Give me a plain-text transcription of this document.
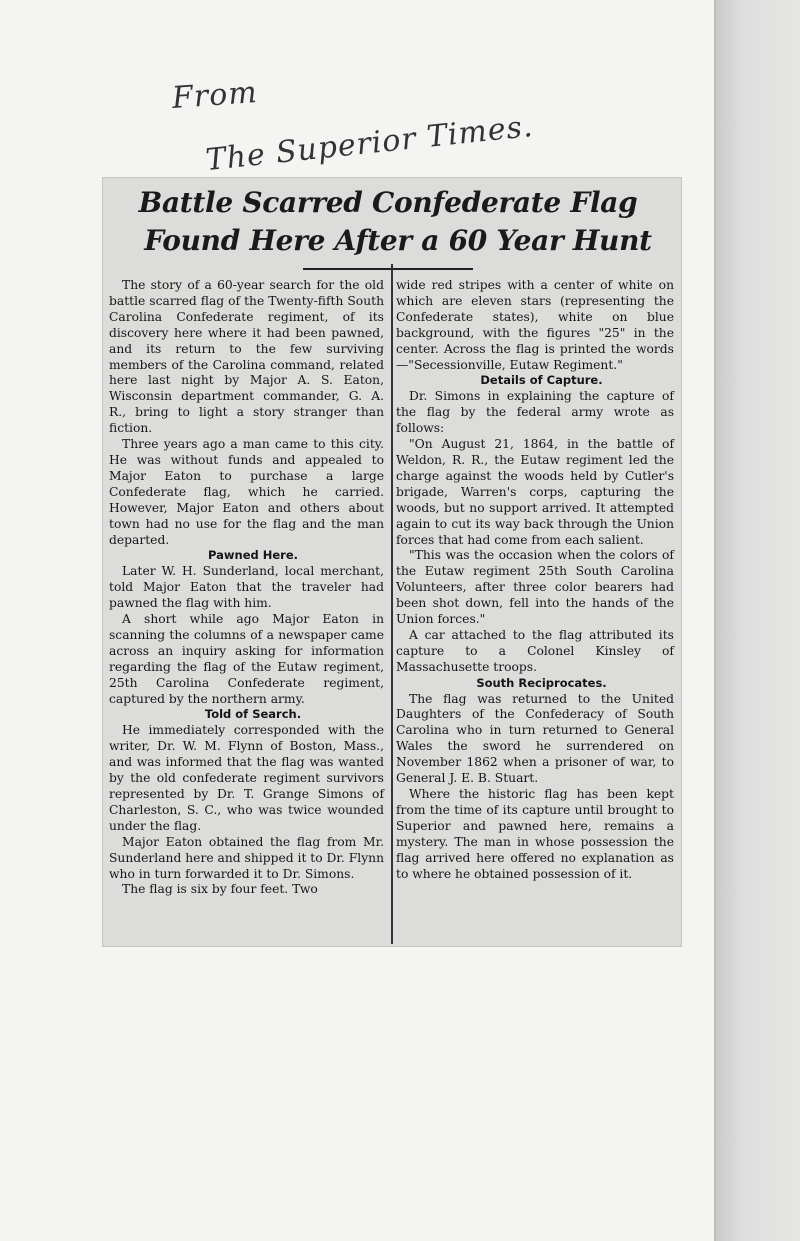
From
The Superior Times.
Battle Scarred Confederate Flag
Found Here After a 60 Year Hunt

The story of a 60-year search for the old battle scarred flag of the Twenty-fifth South Carolina Confederate regiment, of its discovery here where it had been pawned, and its return to the few surviving members of the Carolina command, related here last night by Major A. S. Eaton, Wisconsin department commander, G. A. R., bring to light a story stranger than fiction.

Three years ago a man came to this city. He was without funds and appealed to Major Eaton to purchase a large Confederate flag, which he carried. However, Major Eaton and others about town had no use for the flag and the man departed.

Pawned Here.

Later W. H. Sunderland, local merchant, told Major Eaton that the traveler had pawned the flag with him.

A short while ago Major Eaton in scanning the columns of a newspaper came across an inquiry asking for information regarding the flag of the Eutaw regiment, 25th Carolina Confederate regiment, captured by the northern army.

Told of Search.

He immediately corresponded with the writer, Dr. W. M. Flynn of Boston, Mass., and was informed that the flag was wanted by the old confederate regiment survivors represented by Dr. T. Grange Simons of Charleston, S. C., who was twice wounded under the flag.

Major Eaton obtained the flag from Mr. Sunderland here and shipped it to Dr. Flynn who in turn forwarded it to Dr. Simons.

The flag is six by four feet. Two

wide red stripes with a center of white on which are eleven stars (representing the Confederate states), white on blue background, with the figures "25" in the center. Across the flag is printed the words—"Secessionville, Eutaw Regiment."

Details of Capture.

Dr. Simons in explaining the capture of the flag by the federal army wrote as follows:

"On August 21, 1864, in the battle of Weldon, R. R., the Eutaw regiment led the charge against the woods held by Cutler's brigade, Warren's corps, capturing the woods, but no support arrived. It attempted again to cut its way back through the Union forces that had come from each salient.

"This was the occasion when the colors of the Eutaw regiment 25th South Carolina Volunteers, after three color bearers had been shot down, fell into the hands of the Union forces."

A car attached to the flag attributed its capture to a Colonel Kinsley of Massachusette troops.

South Reciprocates.

The flag was returned to the United Daughters of the Confederacy of South Carolina who in turn returned to General Wales the sword he surrendered on November 1862 when a prisoner of war, to General J. E. B. Stuart.

Where the historic flag has been kept from the time of its capture until brought to Superior and pawned here, remains a mystery. The man in whose possession the flag arrived here offered no explanation as to where he obtained possession of it.
